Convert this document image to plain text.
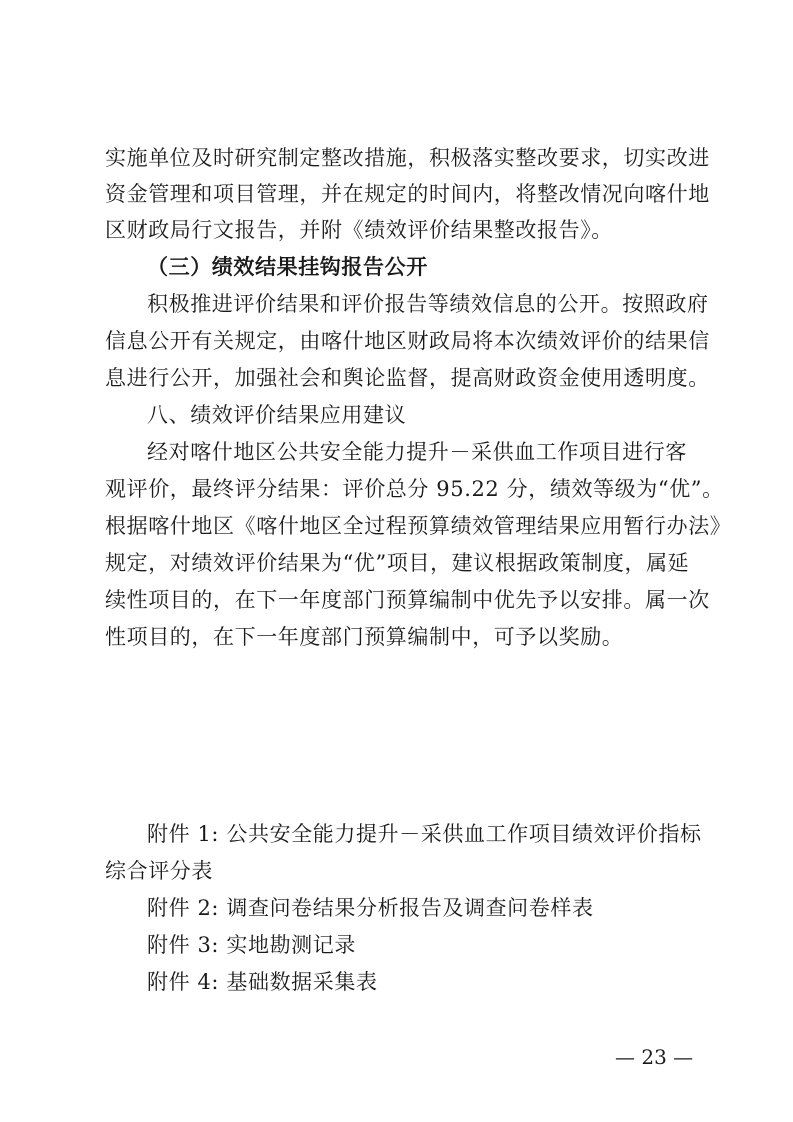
实施单位及时研究制定整改措施，积极落实整改要求，切实改进
资金管理和项目管理，并在规定的时间内，将整改情况向喀什地
区财政局行文报告，并附《绩效评价结果整改报告》。
（三）绩效结果挂钩报告公开
积极推进评价结果和评价报告等绩效信息的公开。按照政府
信息公开有关规定，由喀什地区财政局将本次绩效评价的结果信
息进行公开，加强社会和舆论监督，提高财政资金使用透明度。
八、绩效评价结果应用建议
经对喀什地区公共安全能力提升－采供血工作项目进行客
观评价，最终评分结果：评价总分 95.22 分，绩效等级为“优”。
根据喀什地区《喀什地区全过程预算绩效管理结果应用暂行办法》
规定，对绩效评价结果为“优”项目，建议根据政策制度，属延
续性项目的，在下一年度部门预算编制中优先予以安排。属一次
性项目的，在下一年度部门预算编制中，可予以奖励。
附件 1: 公共安全能力提升－采供血工作项目绩效评价指标
综合评分表
附件 2: 调查问卷结果分析报告及调查问卷样表
附件 3: 实地勘测记录
附件 4: 基础数据采集表
— 23 —
